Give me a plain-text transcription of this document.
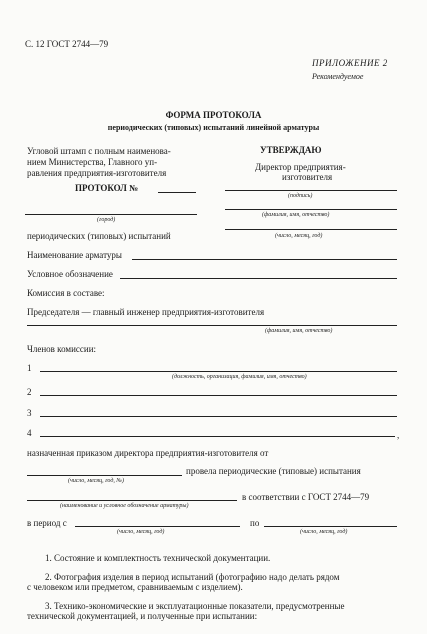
С. 12 ГОСТ 2744—79
ПРИЛОЖЕНИЕ 2
Рекомендуемое
ФОРМА ПРОТОКОЛА
периодических (типовых) испытаний линейной арматуры
Угловой штамп с полным наименова-
нием Министерства, Главного уп-
равления предприятия-изготовителя
УТВЕРЖДАЮ
Директор предприятия-
изготовителя
(подпись)
(фамилия, имя, отчество)
(число, месяц, год)
ПРОТОКОЛ №
(город)
периодических (типовых) испытаний
Наименование арматуры
Условное обозначение
Комиссия в составе:
Председателя — главный инженер предприятия-изготовителя
(фамилия, имя, отчество)
Членов комиссии:
1
(должность, организация, фамилия, имя, отчество)
2
3
4	,
назначенная приказом директора предприятия-изготовителя от
провела периодические (типовые) испытания
(число, месяц, год, №)
в соответствии с ГОСТ 2744—79
(наименование и условное обозначение арматуры)
в период с	по
(число, месяц, год)	(число, месяц, год)
1. Состояние и комплектность технической документации.
2. Фотография изделия в период испытаний (фотографию надо делать рядом
с человеком или предметом, сравниваемым с изделием).
3. Технико-экономические и эксплуатационные показатели, предусмотренные
технической документацией, и полученные при испытании:
